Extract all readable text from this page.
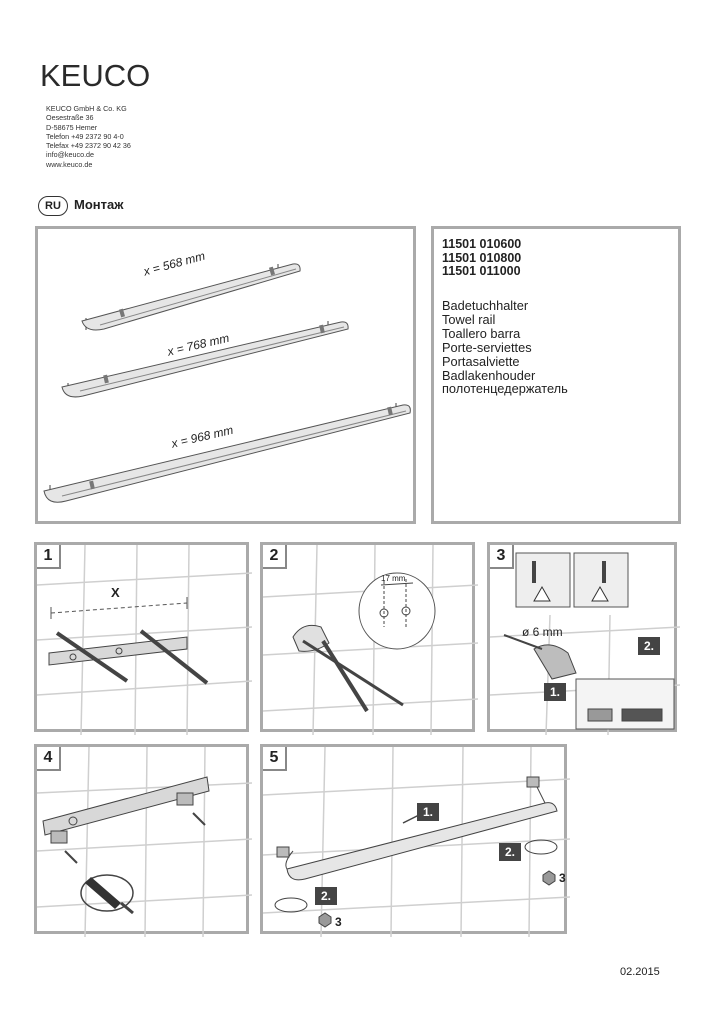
KEUCO
KEUCO GmbH & Co. KG
Oesestraße 36
D-58675 Hemer
Telefon +49 2372 90 4-0
Telefax +49 2372 90 42 36
info@keuco.de
www.keuco.de
RU	Монтаж
x = 568 mm
x = 768 mm
x = 968 mm
11501 010600
11501 010800
11501 011000
Badetuchhalter
Towel rail
Toallero barra
Porte-serviettes
Portasalviette
Badlakenhouder
полотенцедержатель
1
X
2
17 mm
3
ø 6 mm
1.
2.
4	5
1.
2.
2.
3
3
02.2015
